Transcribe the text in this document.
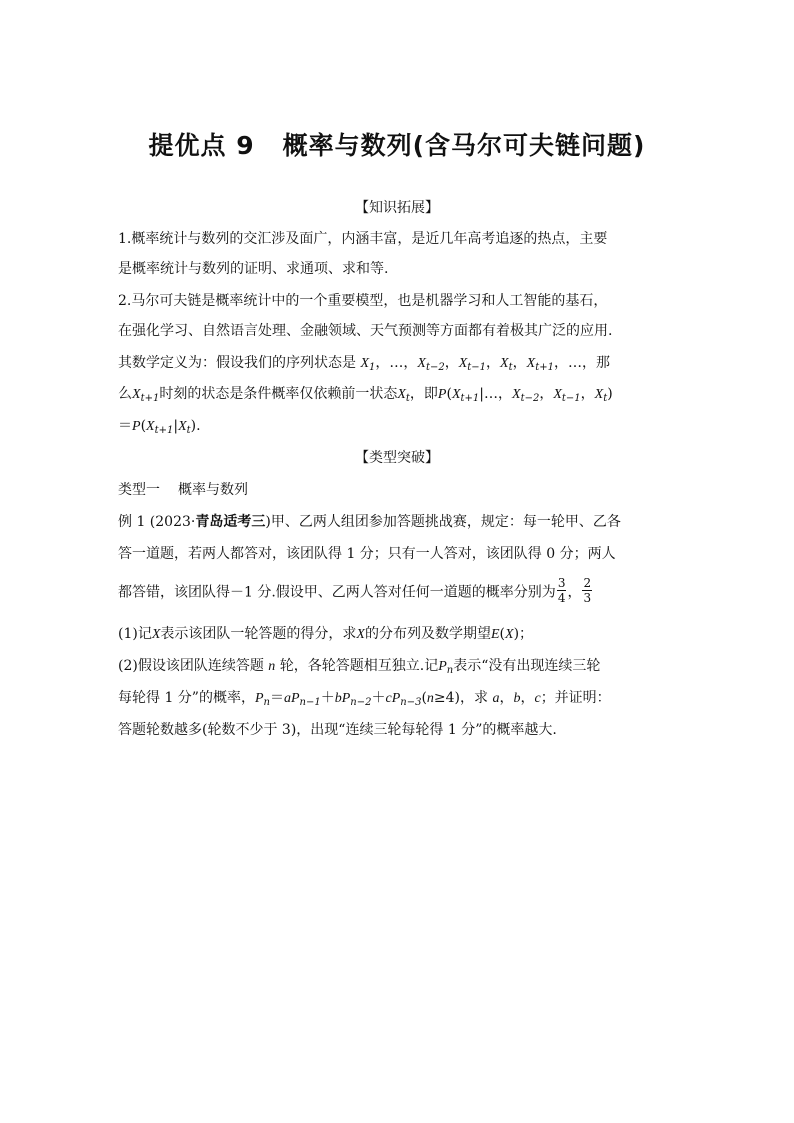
提优点 9 概率与数列(含马尔可夫链问题)
【知识拓展】
1.概率统计与数列的交汇涉及面广，内涵丰富，是近几年高考追逐的热点，主要
是概率统计与数列的证明、求通项、求和等.
2.马尔可夫链是概率统计中的一个重要模型，也是机器学习和人工智能的基石，
在强化学习、自然语言处理、金融领域、天气预测等方面都有着极其广泛的应用.
其数学定义为：假设我们的序列状态是 $X_1$，…，$X_{t-2}$，$X_{t-1}$，$X_t$，$X_{t+1}$，…，那
么$X_{t+1}$时刻的状态是条件概率仅依赖前一状态$X_t$，即$P(X_{t+1}|\dots$，$X_{t-2}$，$X_{t-1}$，$X_t$)
$=P(X_{t+1}|X_t)$.
【类型突破】
类型一 概率与数列
例 1 (2023·青岛适考三)甲、乙两人组团参加答题挑战赛，规定：每一轮甲、乙各
答一道题，若两人都答对，该团队得 1 分；只有一人答对，该团队得 0 分；两人
都答错，该团队得－1 分.假设甲、乙两人答对任何一道题的概率分别为 $\frac{3}{4}$ ， $\frac{2}{3}$
(1)记X表示该团队一轮答题的得分，求X的分布列及数学期望E(X)；
(2)假设该团队连续答题 n 轮，各轮答题相互独立.记$P_n$表示“没有出现连续三轮
每轮得 1 分”的概率，$P_n=aP_{n-1}+bP_{n-2}+cP_{n-3}(n\ge 4)$，求 a，b，c；并证明：
答题轮数越多(轮数不少于 3)，出现“连续三轮每轮得 1 分”的概率越大.
